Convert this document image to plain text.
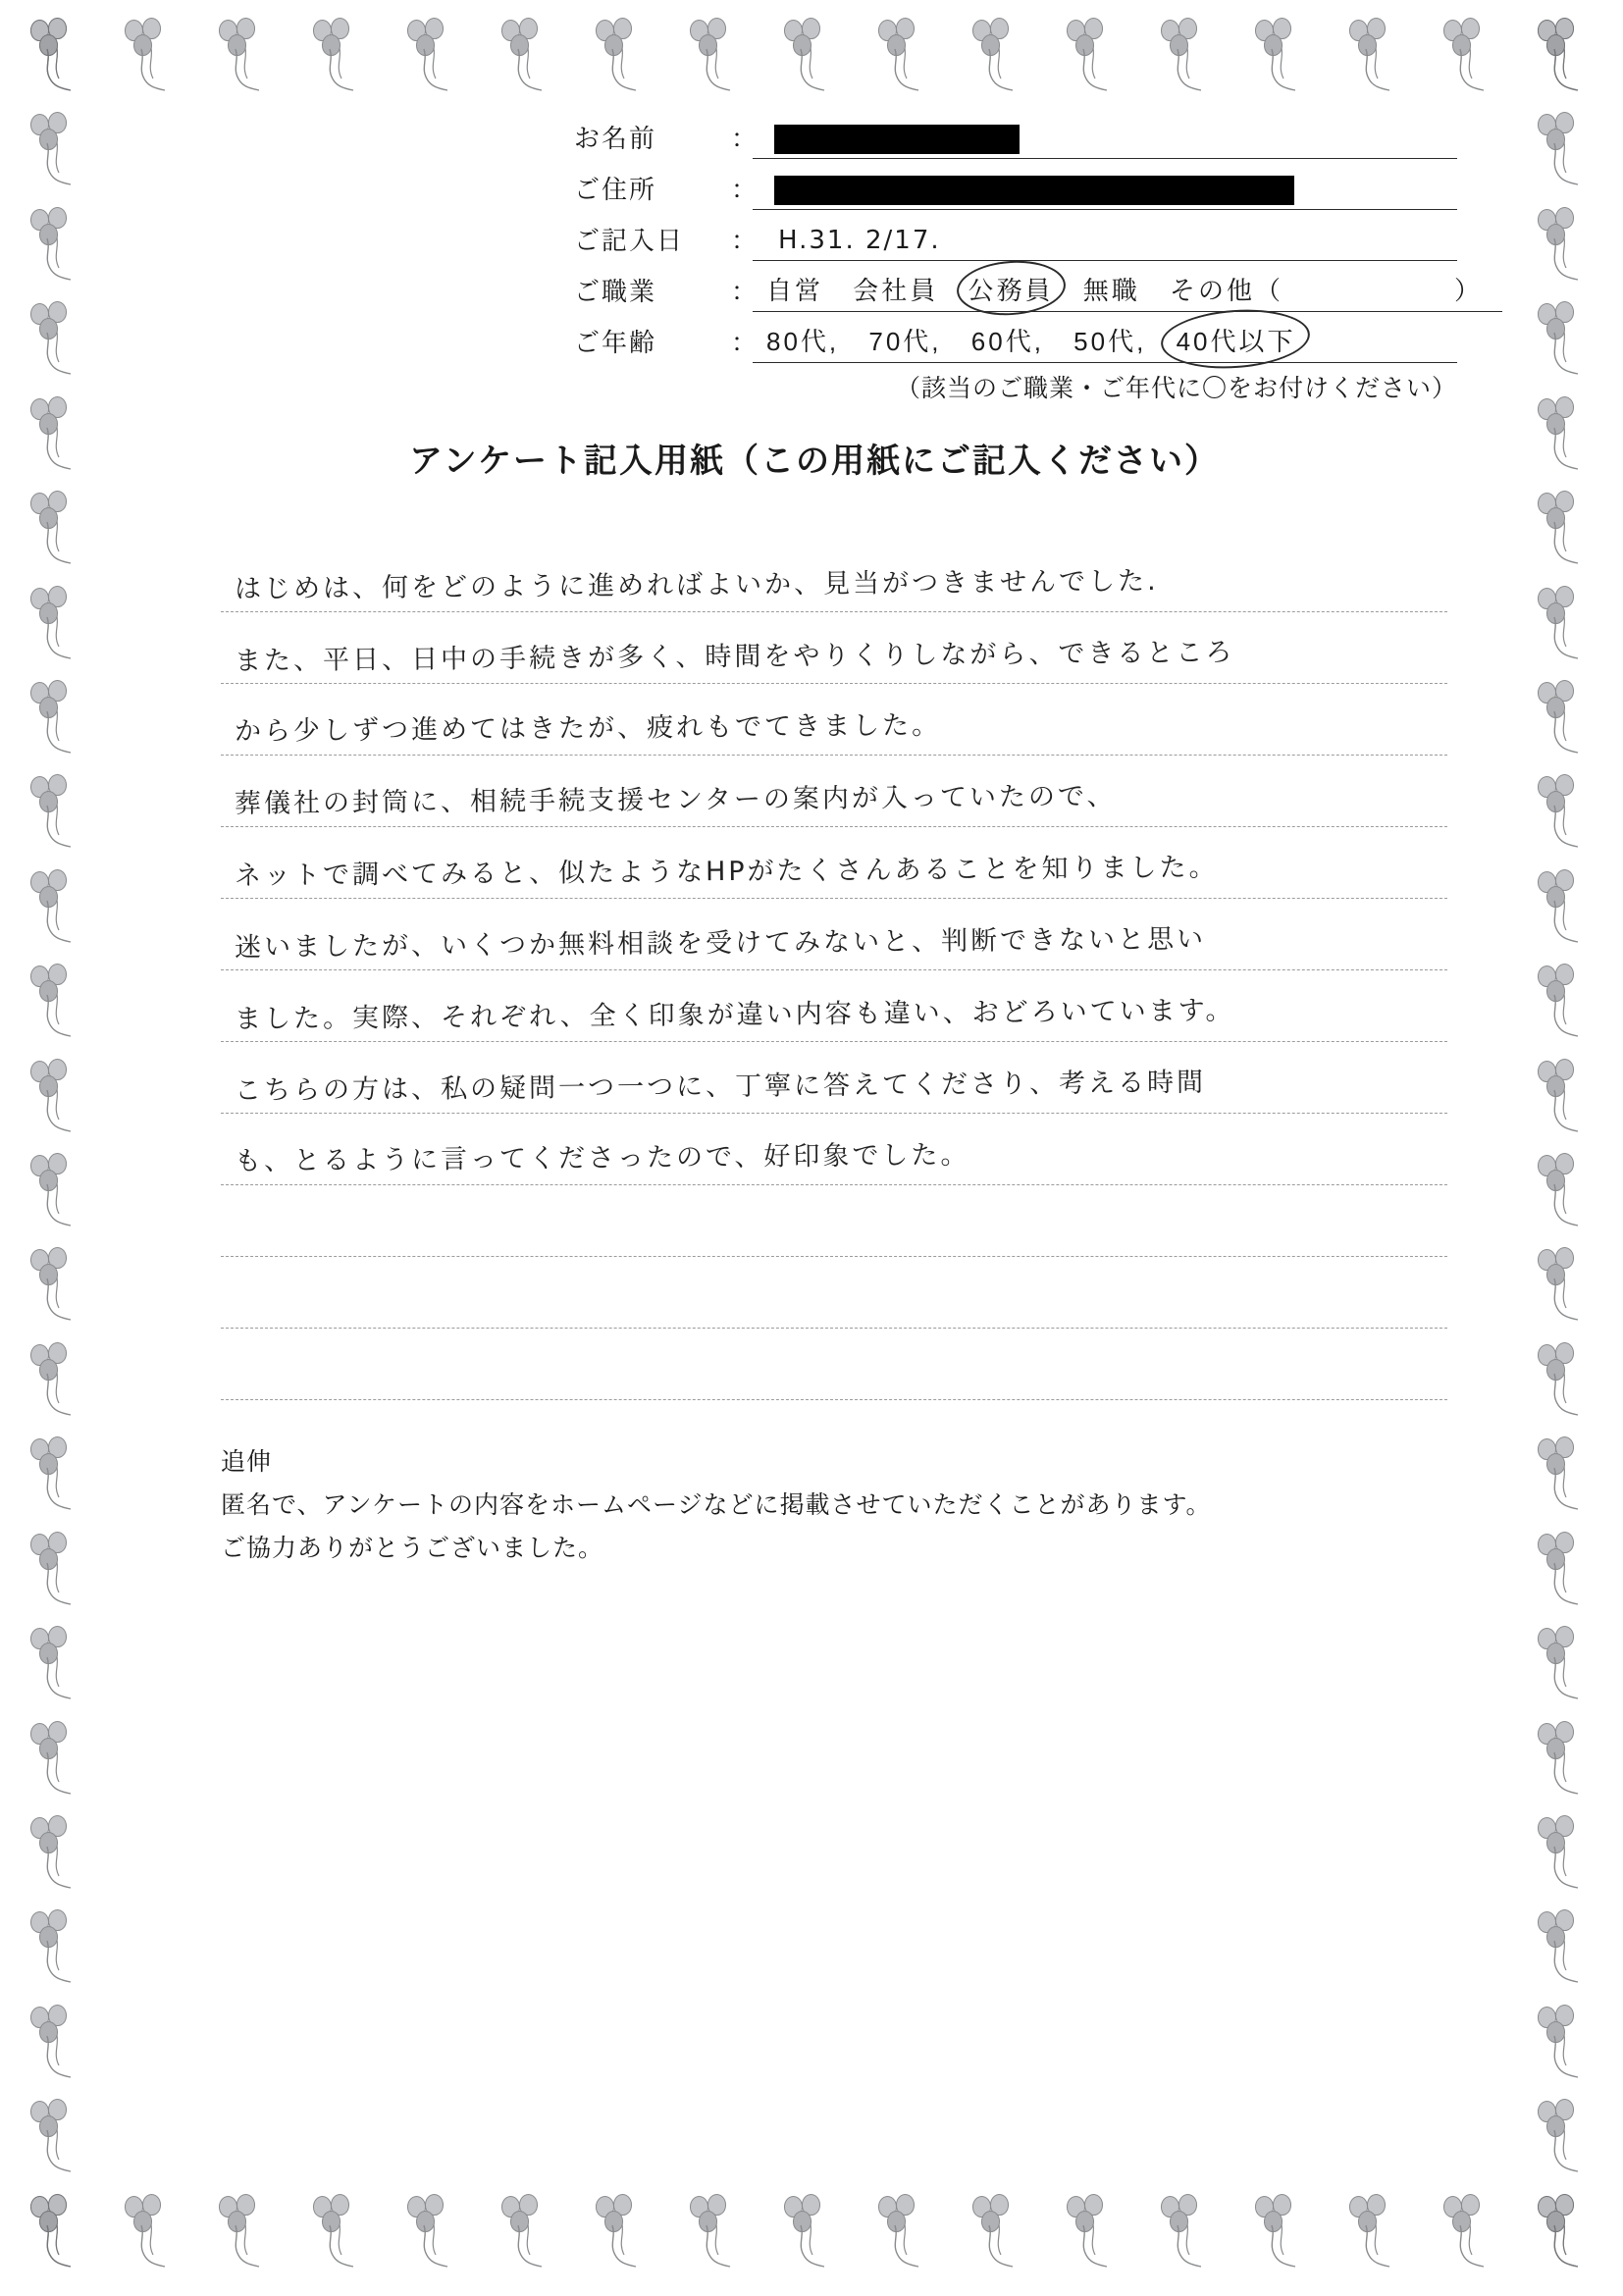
お名前	：
ご住所	：
ご記入日	： H.31. 2/17.
ご職業	： 自営 会社員 公務員 無職 その他（　　　　　　）
ご年齢	： 80代, 70代, 60代, 50代, 40代以下
（該当のご職業・ご年代に〇をお付けください）
アンケート記入用紙（この用紙にご記入ください）
はじめは、何をどのように進めればよいか、見当がつきませんでした.
また、平日、日中の手続きが多く、時間をやりくりしながら、できるところ
から少しずつ進めてはきたが、疲れもでてきました。
葬儀社の封筒に、相続手続支援センターの案内が入っていたので、
ネットで調べてみると、似たようなHPがたくさんあることを知りました。
迷いましたが、いくつか無料相談を受けてみないと、判断できないと思い
ました。実際、それぞれ、全く印象が違い内容も違い、おどろいています。
こちらの方は、私の疑問一つ一つに、丁寧に答えてくださり、考える時間
も、とるように言ってくださったので、好印象でした。
追伸
匿名で、アンケートの内容をホームページなどに掲載させていただくことがあります。
ご協力ありがとうございました。
